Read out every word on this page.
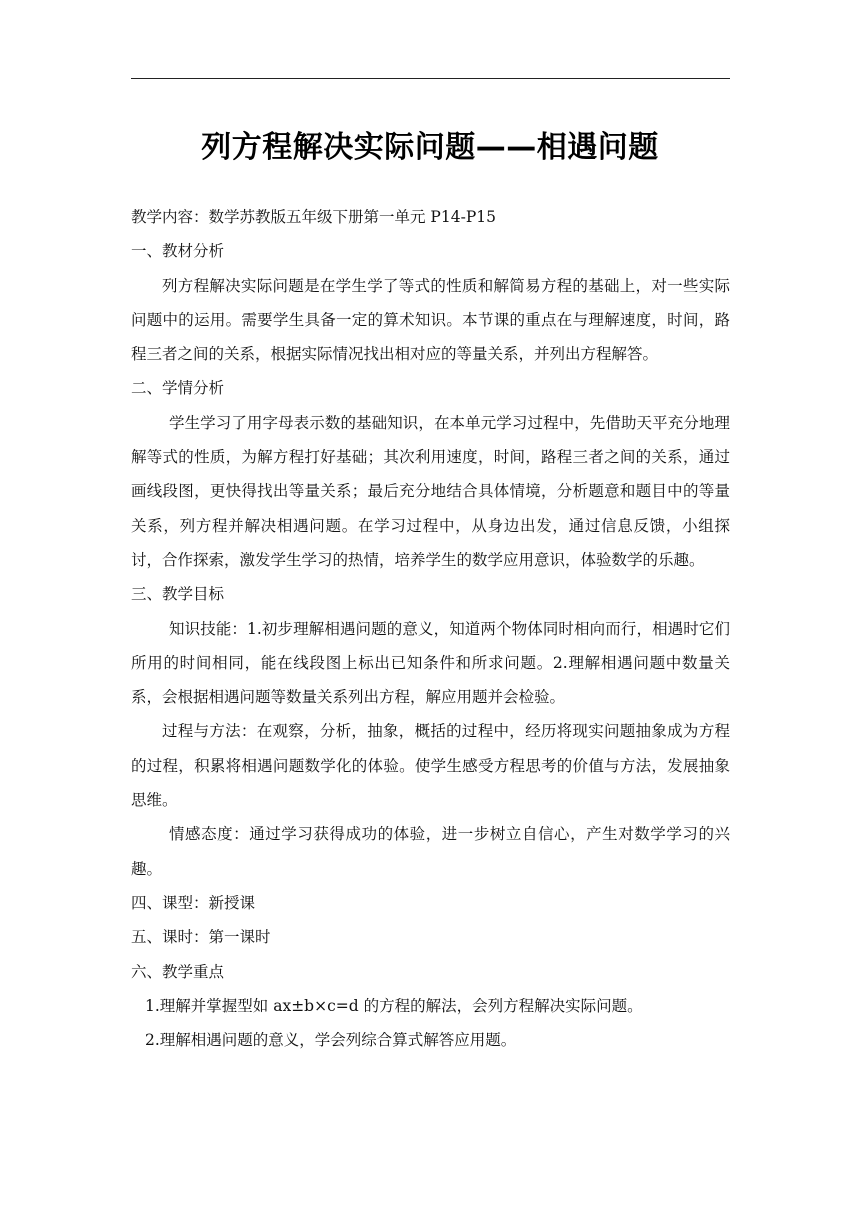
列方程解决实际问题——相遇问题

教学内容：数学苏教版五年级下册第一单元 P14-P15

一、教材分析

列方程解决实际问题是在学生学了等式的性质和解简易方程的基础上，对一些实际问题中的运用。需要学生具备一定的算术知识。本节课的重点在与理解速度，时间，路程三者之间的关系，根据实际情况找出相对应的等量关系，并列出方程解答。

二、学情分析

学生学习了用字母表示数的基础知识，在本单元学习过程中，先借助天平充分地理解等式的性质，为解方程打好基础；其次利用速度，时间，路程三者之间的关系，通过画线段图，更快得找出等量关系；最后充分地结合具体情境，分析题意和题目中的等量关系，列方程并解决相遇问题。在学习过程中，从身边出发，通过信息反馈，小组探讨，合作探索，激发学生学习的热情，培养学生的数学应用意识，体验数学的乐趣。

三、教学目标

知识技能：1.初步理解相遇问题的意义，知道两个物体同时相向而行，相遇时它们所用的时间相同，能在线段图上标出已知条件和所求问题。2.理解相遇问题中数量关系，会根据相遇问题等数量关系列出方程，解应用题并会检验。

过程与方法：在观察，分析，抽象，概括的过程中，经历将现实问题抽象成为方程的过程，积累将相遇问题数学化的体验。使学生感受方程思考的价值与方法，发展抽象思维。

情感态度：通过学习获得成功的体验，进一步树立自信心，产生对数学学习的兴趣。

四、课型：新授课

五、课时：第一课时

六、教学重点

1.理解并掌握型如 ax±b×c=d 的方程的解法，会列方程解决实际问题。

2.理解相遇问题的意义，学会列综合算式解答应用题。
